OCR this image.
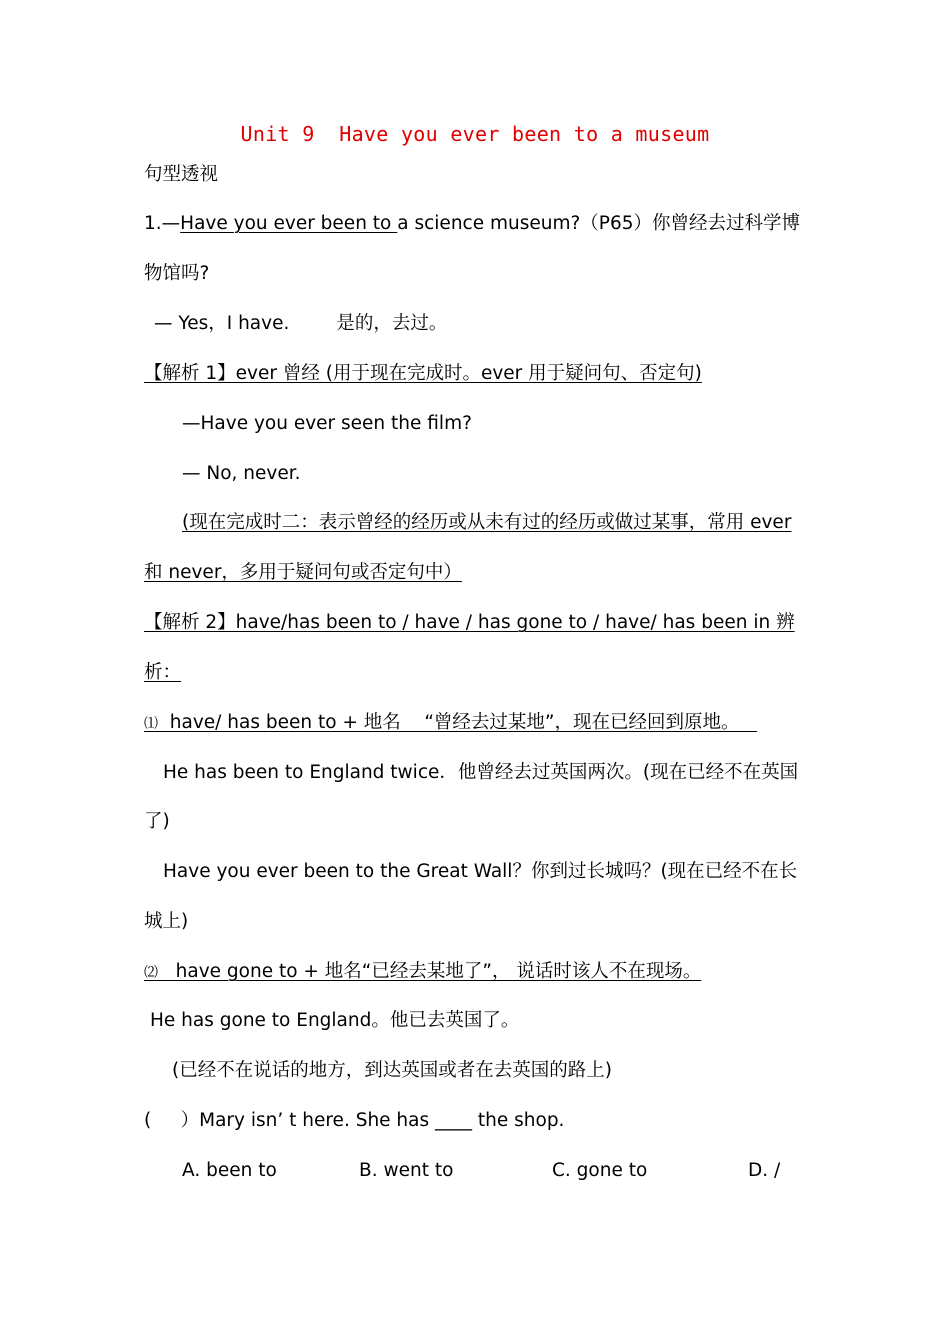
Unit 9  Have you ever been to a museum
句型透视
1.—Have you ever been to a science museum?（P65）你曾经去过科学博
物馆吗?
— Yes，I have.        是的，去过。
【解析 1】ever 曾经 (用于现在完成时。ever 用于疑问句、否定句)
—Have you ever seen the film?
— No, never.
(现在完成时二：表示曾经的经历或从未有过的经历或做过某事，常用 ever
和 never，多用于疑问句或否定句中）
【解析 2】have/has been to / have / has gone to / have/ has been in 辨
析：
⑴  have/ has been to + 地名    “曾经去过某地”，现在已经回到原地。
He has been to England twice．他曾经去过英国两次。(现在已经不在英国
了)
Have you ever been to the Great Wall？你到过长城吗？(现在已经不在长
城上)
⑵   have gone to + 地名“已经去某地了”， 说话时该人不在现场。
He has gone to England。他已去英国了。
(已经不在说话的地方，到达英国或者在去英国的路上)
(     ）Mary isn’ t here. She has ____ the shop.
A. been to	B. went to	C. gone to	D. /
